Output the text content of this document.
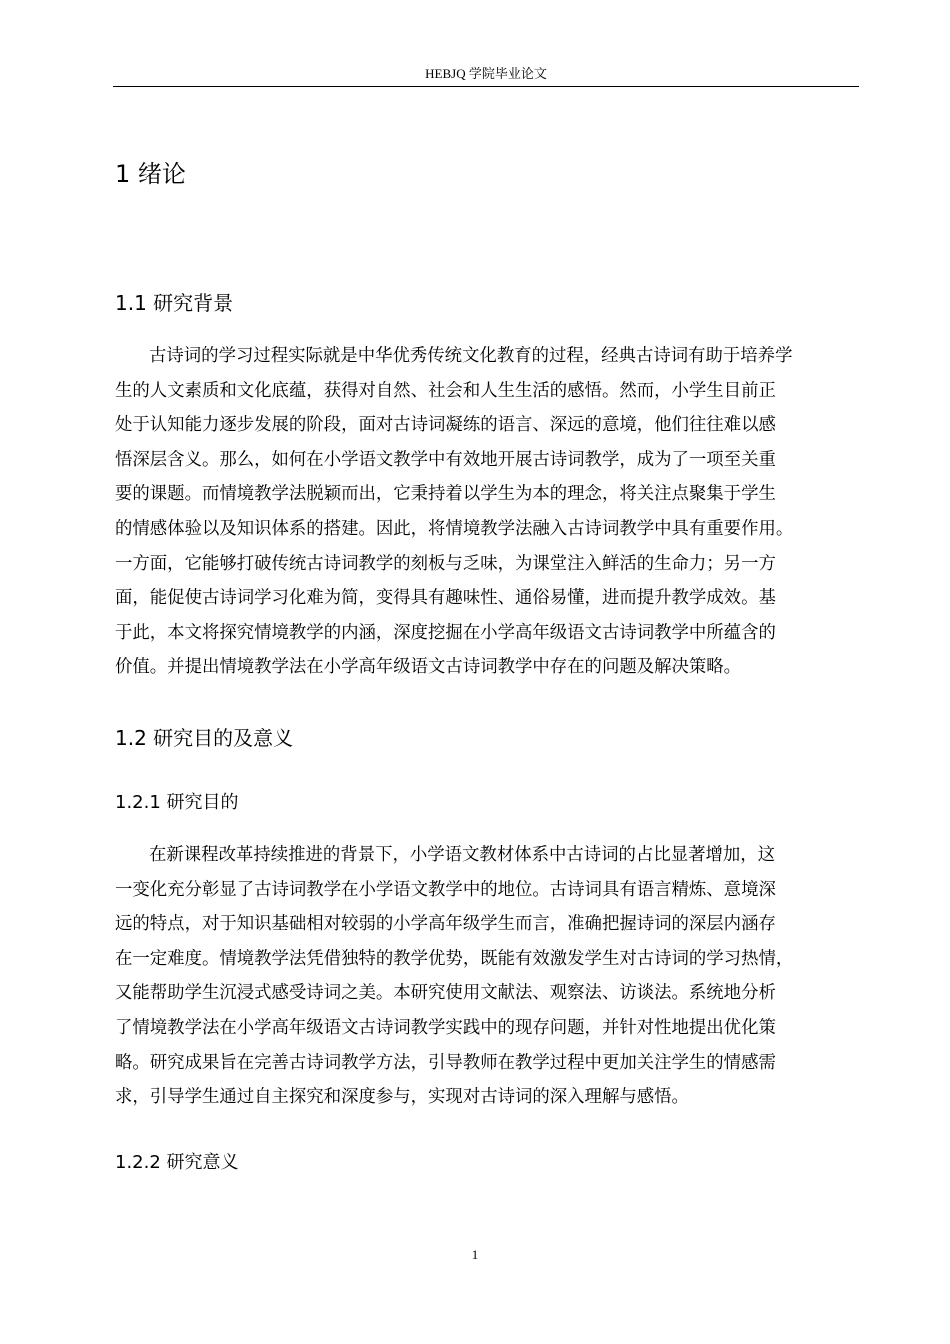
HEBJQ 学院毕业论文
1 绪论
1.1 研究背景
古诗词的学习过程实际就是中华优秀传统文化教育的过程，经典古诗词有助于培养学
生的人文素质和文化底蕴，获得对自然、社会和人生生活的感悟。然而，小学生目前正
处于认知能力逐步发展的阶段，面对古诗词凝练的语言、深远的意境，他们往往难以感
悟深层含义。那么，如何在小学语文教学中有效地开展古诗词教学，成为了一项至关重
要的课题。而情境教学法脱颖而出，它秉持着以学生为本的理念，将关注点聚集于学生
的情感体验以及知识体系的搭建。因此，将情境教学法融入古诗词教学中具有重要作用。
一方面，它能够打破传统古诗词教学的刻板与乏味，为课堂注入鲜活的生命力；另一方
面，能促使古诗词学习化难为简，变得具有趣味性、通俗易懂，进而提升教学成效。基
于此，本文将探究情境教学的内涵，深度挖掘在小学高年级语文古诗词教学中所蕴含的
价值。并提出情境教学法在小学高年级语文古诗词教学中存在的问题及解决策略。
1.2 研究目的及意义
1.2.1 研究目的
在新课程改革持续推进的背景下，小学语文教材体系中古诗词的占比显著增加，这
一变化充分彰显了古诗词教学在小学语文教学中的地位。古诗词具有语言精炼、意境深
远的特点，对于知识基础相对较弱的小学高年级学生而言，准确把握诗词的深层内涵存
在一定难度。情境教学法凭借独特的教学优势，既能有效激发学生对古诗词的学习热情，
又能帮助学生沉浸式感受诗词之美。本研究使用文献法、观察法、访谈法。系统地分析
了情境教学法在小学高年级语文古诗词教学实践中的现存问题，并针对性地提出优化策
略。研究成果旨在完善古诗词教学方法，引导教师在教学过程中更加关注学生的情感需
求，引导学生通过自主探究和深度参与，实现对古诗词的深入理解与感悟。
1.2.2 研究意义
1
